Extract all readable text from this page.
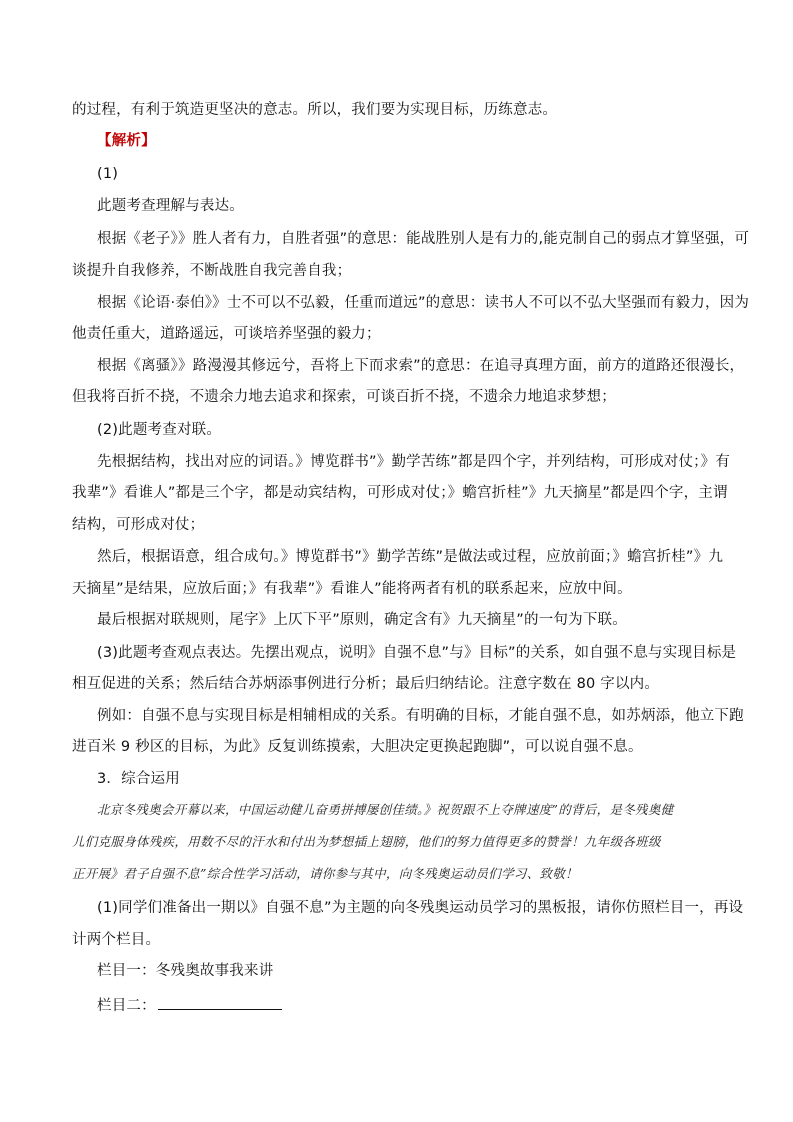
的过程，有利于筑造更坚决的意志。所以，我们要为实现目标，历练意志。
【解析】
(1)
此题考查理解与表达。
根据《老子》》胜人者有力，自胜者强”的意思：能战胜别人是有力的,能克制自己的弱点才算坚强，可
谈提升自我修养，不断战胜自我完善自我；
根据《论语·泰伯》》士不可以不弘毅，任重而道远”的意思：读书人不可以不弘大坚强而有毅力，因为
他责任重大，道路遥远，可谈培养坚强的毅力；
根据《离骚》》路漫漫其修远兮，吾将上下而求索”的意思：在追寻真理方面，前方的道路还很漫长，
但我将百折不挠，不遗余力地去追求和探索，可谈百折不挠，不遗余力地追求梦想；
(2)此题考查对联。
先根据结构，找出对应的词语。》博览群书”》勤学苦练”都是四个字，并列结构，可形成对仗；》有
我辈”》看谁人”都是三个字，都是动宾结构，可形成对仗；》蟾宫折桂”》九天摘星”都是四个字，主谓
结构，可形成对仗；
然后，根据语意，组合成句。》博览群书”》勤学苦练”是做法或过程，应放前面；》蟾宫折桂”》九
天摘星”是结果，应放后面；》有我辈”》看谁人”能将两者有机的联系起来，应放中间。
最后根据对联规则，尾字》上仄下平”原则，确定含有》九天摘星”的一句为下联。
(3)此题考查观点表达。先摆出观点，说明》自强不息”与》目标”的关系，如自强不息与实现目标是
相互促进的关系；然后结合苏炳添事例进行分析；最后归纳结论。注意字数在 80 字以内。
例如：自强不息与实现目标是相辅相成的关系。有明确的目标，才能自强不息，如苏炳添，他立下跑
进百米 9 秒区的目标，为此》反复训练摸索，大胆决定更换起跑脚”，可以说自强不息。
3．综合运用
北京冬残奥会开幕以来，中国运动健儿奋勇拼搏屡创佳绩。》祝贺跟不上夺牌速度”的背后，是冬残奥健
儿们克服身体残疾，用数不尽的汗水和付出为梦想插上翅膀，他们的努力值得更多的赞誉！九年级各班级
正开展》君子自强不息”综合性学习活动，请你参与其中，向冬残奥运动员们学习、致敬！
(1)同学们准备出一期以》自强不息”为主题的向冬残奥运动员学习的黑板报，请你仿照栏目一，再设
计两个栏目。
栏目一：冬残奥故事我来讲
栏目二：
